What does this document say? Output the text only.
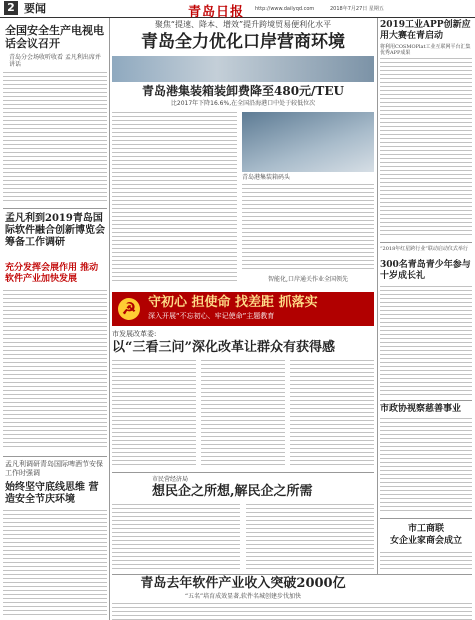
2 要闻	青岛日报 http://www.dailyqd.com	2018年7月27日 星期五
全国安全生产电视电话会议召开
青岛分会场收听收看 孟凡利出席并讲话
孟凡利到2019青岛国际软件融合创新博览会筹备工作调研
充分发挥会展作用 推动软件产业加快发展
孟凡利调研青岛国际啤酒节安保工作时强调
始终坚守底线思维 营造安全节庆环境
聚焦“提速、降本、增效”提升跨境贸易便利化水平
青岛全力优化口岸营商环境
青岛港集装箱装卸费降至480元/TEU
比2017年下降16.6%,在全国沿海港口中处于较低位次
青岛港集装箱码头
智能化,口岸通关作业全国领先
☭ 守初心 担使命 找差距 抓落实
深入开展“不忘初心、牢记使命”主题教育
市发展改革委:
以“三看三问”深化改革让群众有获得感
市民营经济局
想民企之所想,解民企之所需
青岛去年软件产业收入突破2000亿
“五名”培育成效显著,软件名城创建步伐加快
2019工业APP创新应用大赛在青启动
将利用COSMOPlat工业互联网平台汇集优秀APP成果
“2018年红星跨行业”联动启动仪式举行
300名青岛青少年参与十岁成长礼
市政协视察慈善事业
市工商联
女企业家商会成立
